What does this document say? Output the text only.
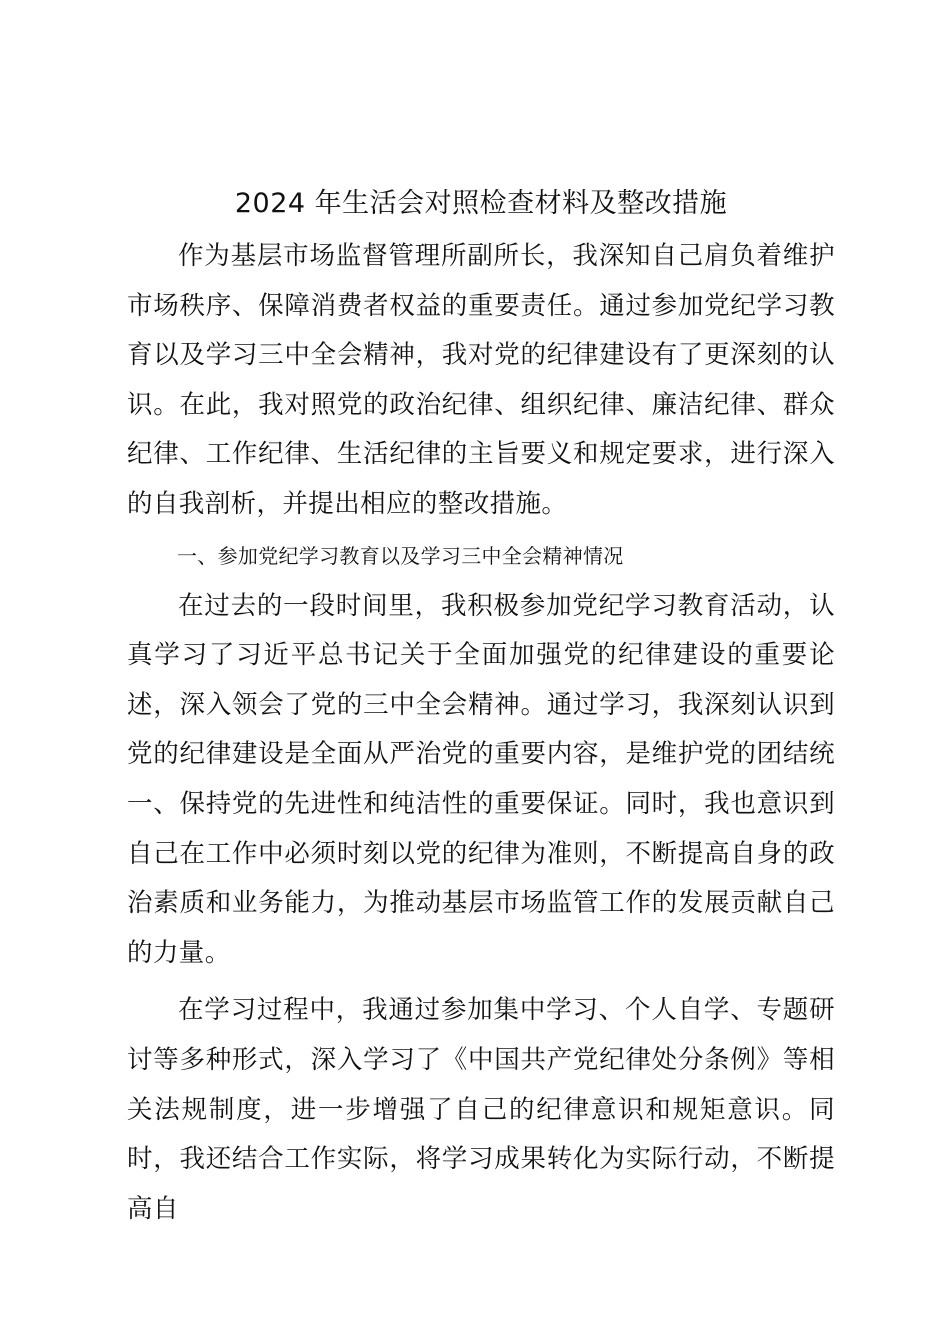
2024 年生活会对照检查材料及整改措施

作为基层市场监督管理所副所长，我深知自己肩负着维护市场秩序、保障消费者权益的重要责任。通过参加党纪学习教育以及学习三中全会精神，我对党的纪律建设有了更深刻的认识。在此，我对照党的政治纪律、组织纪律、廉洁纪律、群众纪律、工作纪律、生活纪律的主旨要义和规定要求，进行深入的自我剖析，并提出相应的整改措施。

一、参加党纪学习教育以及学习三中全会精神情况

在过去的一段时间里，我积极参加党纪学习教育活动，认真学习了习近平总书记关于全面加强党的纪律建设的重要论述，深入领会了党的三中全会精神。通过学习，我深刻认识到党的纪律建设是全面从严治党的重要内容，是维护党的团结统一、保持党的先进性和纯洁性的重要保证。同时，我也意识到自己在工作中必须时刻以党的纪律为准则，不断提高自身的政治素质和业务能力，为推动基层市场监管工作的发展贡献自己的力量。

在学习过程中，我通过参加集中学习、个人自学、专题研讨等多种形式，深入学习了《中国共产党纪律处分条例》等相关法规制度，进一步增强了自己的纪律意识和规矩意识。同时，我还结合工作实际，将学习成果转化为实际行动，不断提高自
